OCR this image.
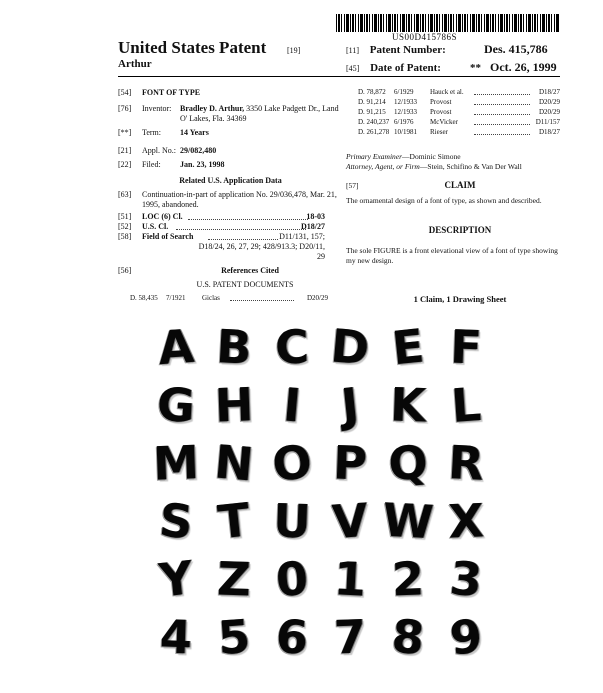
US00D415786S
United States Patent	[19]
Arthur
[11] Patent Number:	Des. 415,786
[45] Date of Patent:	** Oct. 26, 1999
[54]	FONT OF TYPE
[76]	Inventor: Bradley D. Arthur, 3350 Lake Padgett Dr., Land O' Lakes, Fla. 34369
[**]	Term: 14 Years
[21]	Appl. No.: 29/082,480
[22]	Filed: Jan. 23, 1998
Related U.S. Application Data
[63]	Continuation-in-part of application No. 29/036,478, Mar. 21, 1995, abandoned.
[51]	LOC (6) Cl.	18-03
[52]	U.S. Cl.	D18/27
[58]	Field of Search	D11/131, 157;
D18/24, 26, 27, 29; 428/913.3; D20/11,
29
[56]	References Cited
U.S. PATENT DOCUMENTS
D. 58,435 7/1921 Giclas	D20/29
D. 78,872 6/1929 Hauck et al.	D18/27
D. 91,214 12/1933 Provost	D20/29
D. 91,215 12/1933 Provost	D20/29
D. 240,237 6/1976 McVicker	D11/157
D. 261,278 10/1981 Rieser	D18/27
Primary Examiner—Dominic Simone
Attorney, Agent, or Firm—Stein, Schifino & Van Der Wall
[57]	CLAIM
The ornamental design of a font of type, as shown and described.
DESCRIPTION
The sole FIGURE is a front elevational view of a font of type showing my new design.
1 Claim, 1 Drawing Sheet
A B C D E F
G H I J K L
M N O P Q R
S T U V W X
Y Z 0 1 2 3
4 5 6 7 8 9
